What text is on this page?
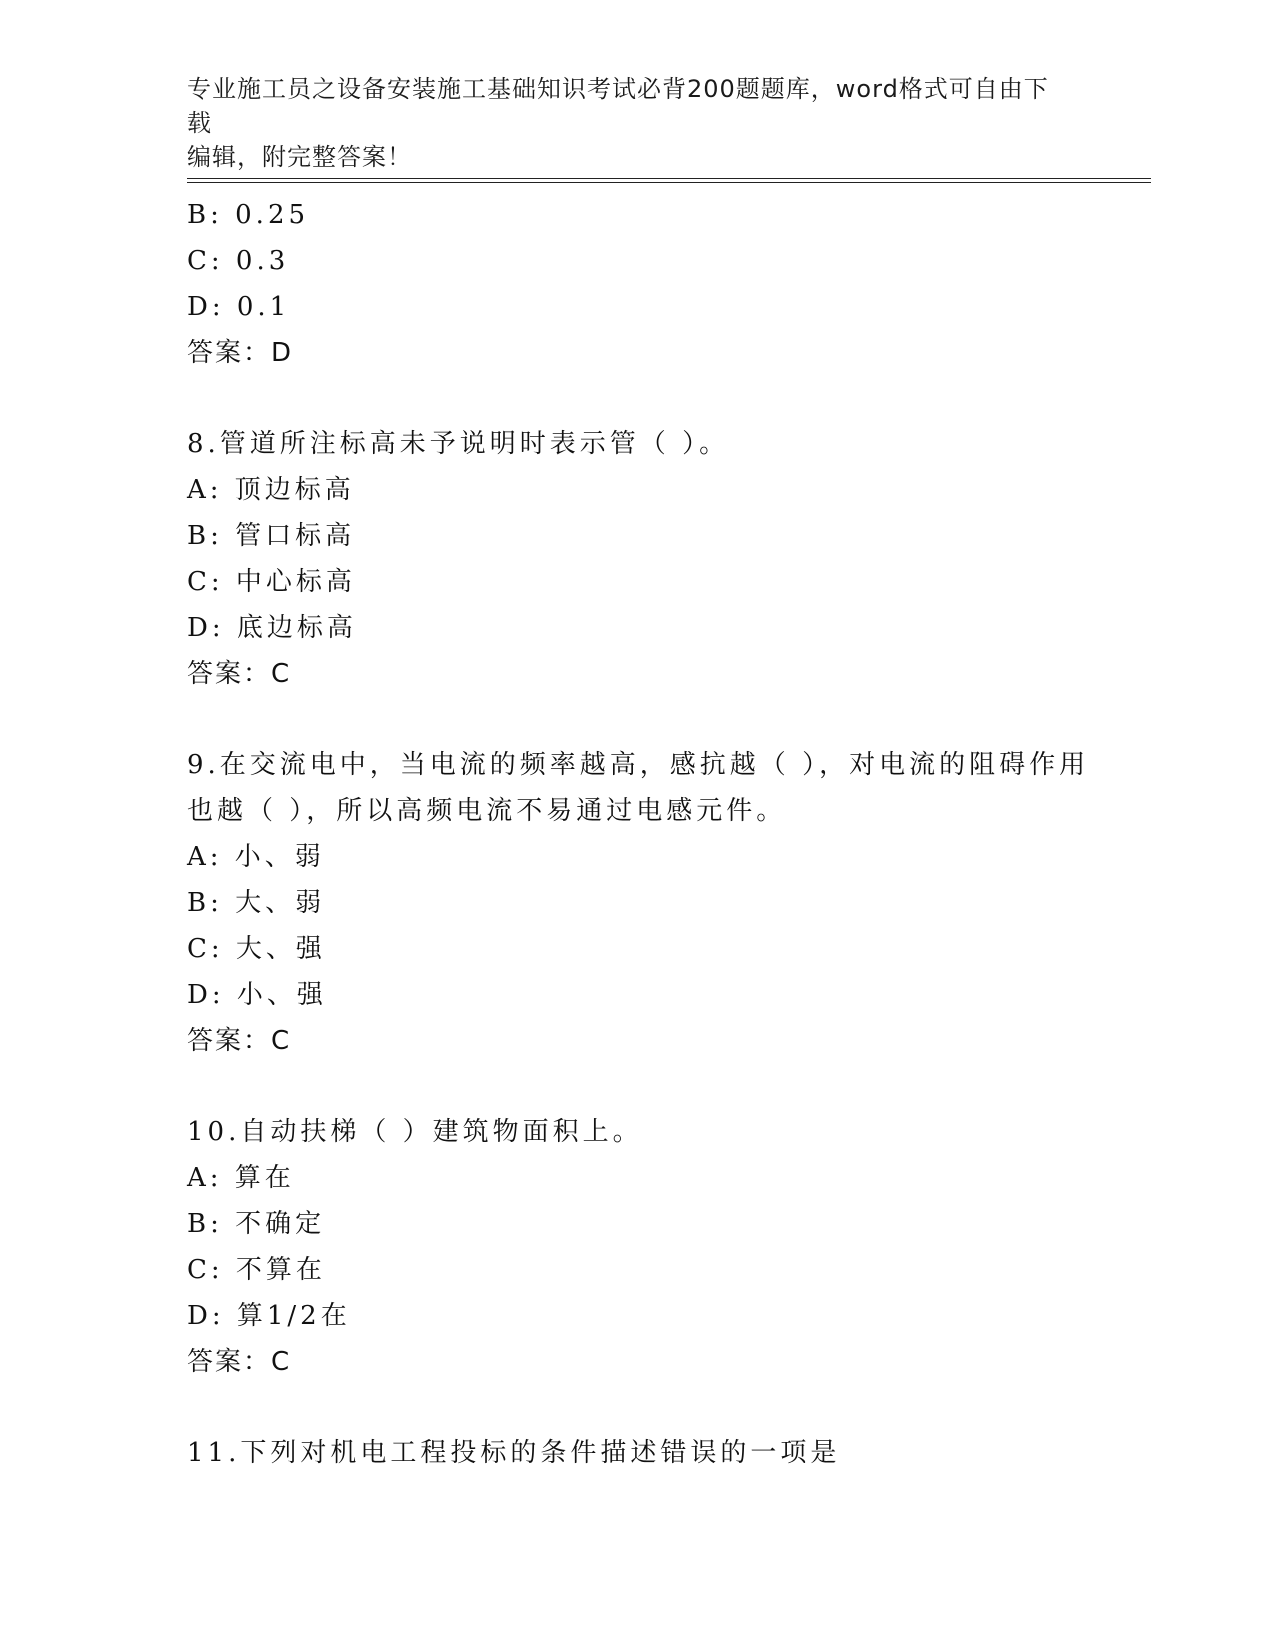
专业施工员之设备安装施工基础知识考试必背200题题库，word格式可自由下载
编辑，附完整答案！
B: 0.25
C: 0.3
D: 0.1
答案：D
8.管道所注标高未予说明时表示管（ ）。
A: 顶边标高
B: 管口标高
C: 中心标高
D: 底边标高
答案：C
9.在交流电中，当电流的频率越高，感抗越（ ），对电流的阻碍作用
也越（ ），所以高频电流不易通过电感元件。
A: 小、弱
B: 大、弱
C: 大、强
D: 小、强
答案：C
10.自动扶梯（ ）建筑物面积上。
A: 算在
B: 不确定
C: 不算在
D: 算1/2在
答案：C
11.下列对机电工程投标的条件描述错误的一项是
